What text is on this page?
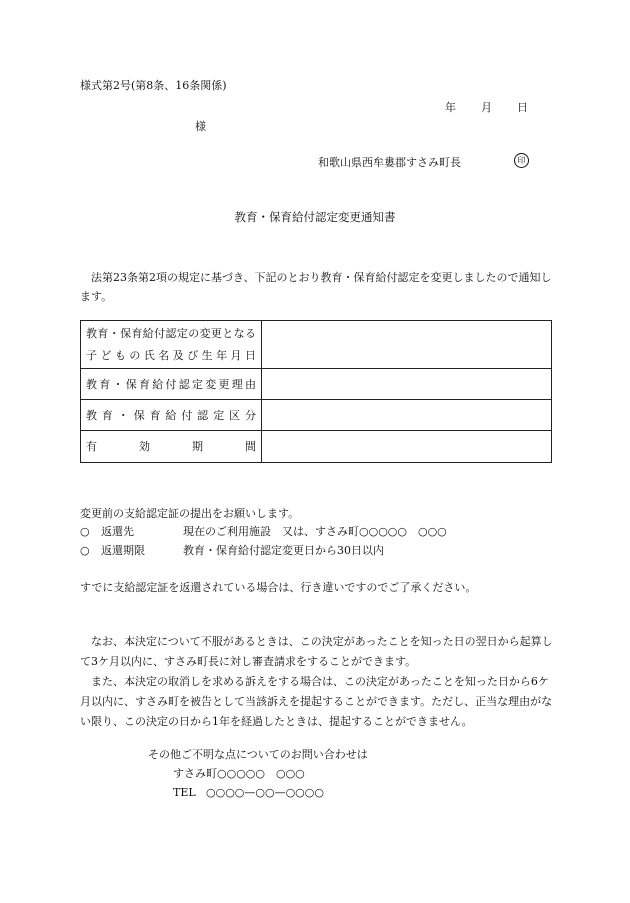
様式第2号(第8条、16条関係)
年 月 日
様
和歌山県西牟婁郡すさみ町長	印
教育・保育給付認定変更通知書
法第23条第2項の規定に基づき、下記のとおり教育・保育給付認定を変更しましたので通知します。
教育・保育給付認定の変更となる
子どもの氏名及び生年月日	

教育・保育給付認定変更理由	
教育・保育給付認定区分	
有効期間	
変更前の支給認定証の提出をお願いします。
○ 返還先	現在のご利用施設　又は、すさみ町○○○○○　○○○
○ 返還期限	教育・保育給付認定変更日から30日以内
すでに支給認定証を返還されている場合は、行き違いですのでご了承ください。
なお、本決定について不服があるときは、この決定があったことを知った日の翌日から起算して3ケ月以内に、すさみ町長に対し審査請求をすることができます。
また、本決定の取消しを求める訴えをする場合は、この決定があったことを知った日から6ケ月以内に、すさみ町を被告として当該訴えを提起することができます。ただし、正当な理由がない限り、この決定の日から1年を経過したときは、提起することができません。
その他ご不明な点についてのお問い合わせは
すさみ町○○○○○　○○○
TEL ○○○○—○○—○○○○
